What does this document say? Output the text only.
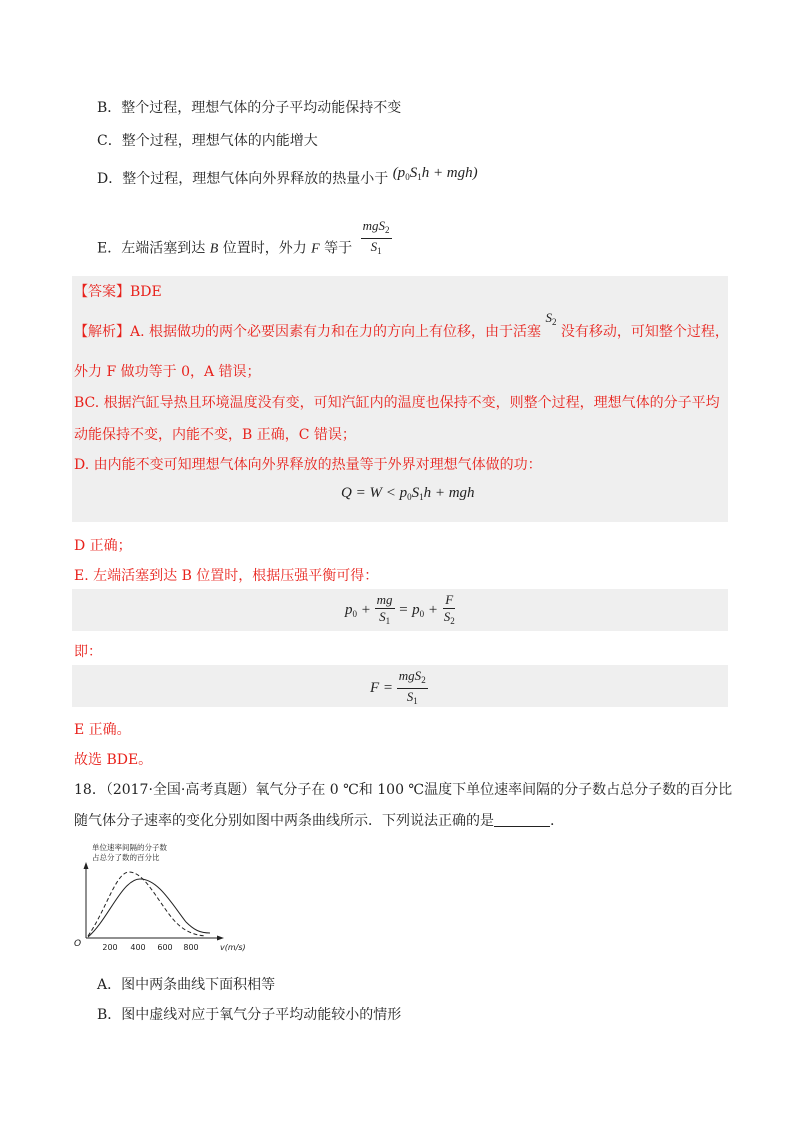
B．整个过程，理想气体的分子平均动能保持不变
C．整个过程，理想气体的内能增大
D．整个过程，理想气体向外界释放的热量小于 $(p_0S_1h + mgh)$
E．左端活塞到达 B 位置时，外力 F 等于 $\frac{mgS_2}{S_1}$
【答案】BDE
【解析】A. 根据做功的两个必要因素有力和在力的方向上有位移，由于活塞 $S_2$ 没有移动，可知整个过程，
外力 F 做功等于 0，A 错误；
BC. 根据汽缸导热且环境温度没有变，可知汽缸内的温度也保持不变，则整个过程，理想气体的分子平均
动能保持不变，内能不变，B 正确，C 错误；
D. 由内能不变可知理想气体向外界释放的热量等于外界对理想气体做的功：
$Q = W < p_0S_1h$ + mgh
D 正确；
E. 左端活塞到达 B 位置时，根据压强平衡可得：
$p_0 + \frac{mg}{S_1} = p_0 + \frac{F}{S_2}$
即：
$F = \frac{mgS_2}{S_1}$
E 正确。
故选 BDE。
18．（2017·全国·高考真题）氧气分子在 0 ℃和 100 ℃温度下单位速率间隔的分子数占总分子数的百分比
随气体分子速率的变化分别如图中两条曲线所示．下列说法正确的是	.
单位速率间隔的分子数
占总分了数的百分比
O	200 400 600 800	v(m/s)
A．图中两条曲线下面积相等
B．图中虚线对应于氧气分子平均动能较小的情形
